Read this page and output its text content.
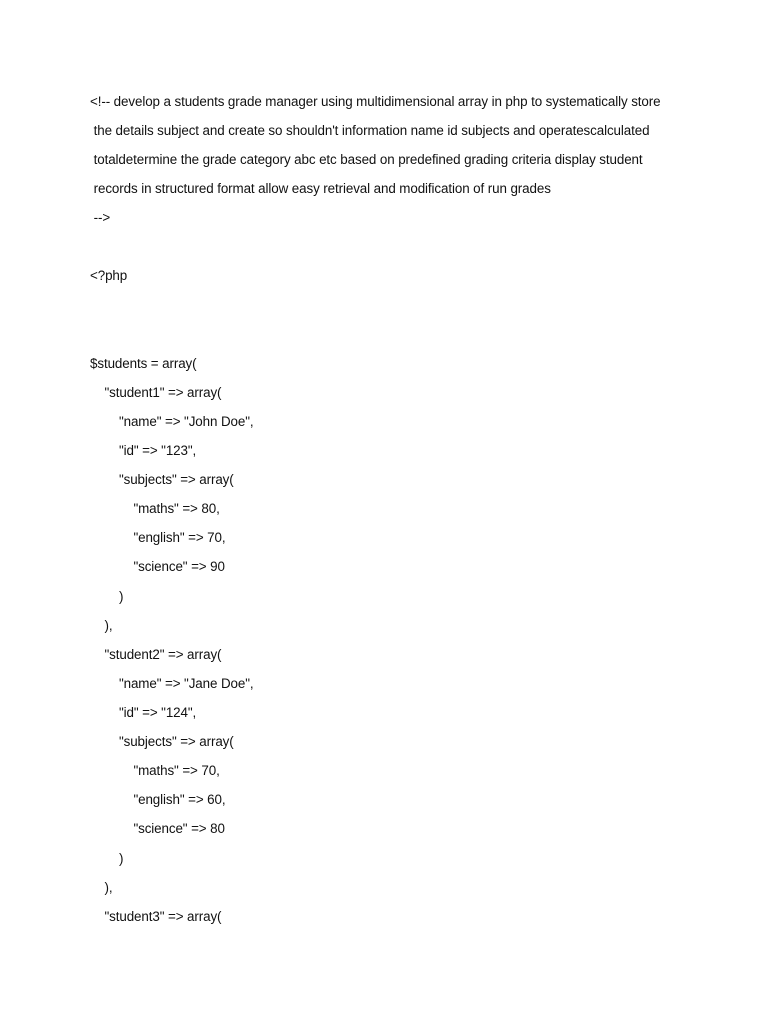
<!-- develop a students grade manager using multidimensional array in php to systematically store
the details subject and create so shouldn't information name id subjects and operatescalculated
totaldetermine the grade category abc etc based on predefined grading criteria display student
records in structured format allow easy retrieval and modification of run grades
-->
<?php
$students = array(
"student1" => array(
"name" => "John Doe",
"id" => "123",
"subjects" => array(
"maths" => 80,
"english" => 70,
"science" => 90
)
),
"student2" => array(
"name" => "Jane Doe",
"id" => "124",
"subjects" => array(
"maths" => 70,
"english" => 60,
"science" => 80
)
),
"student3" => array(
